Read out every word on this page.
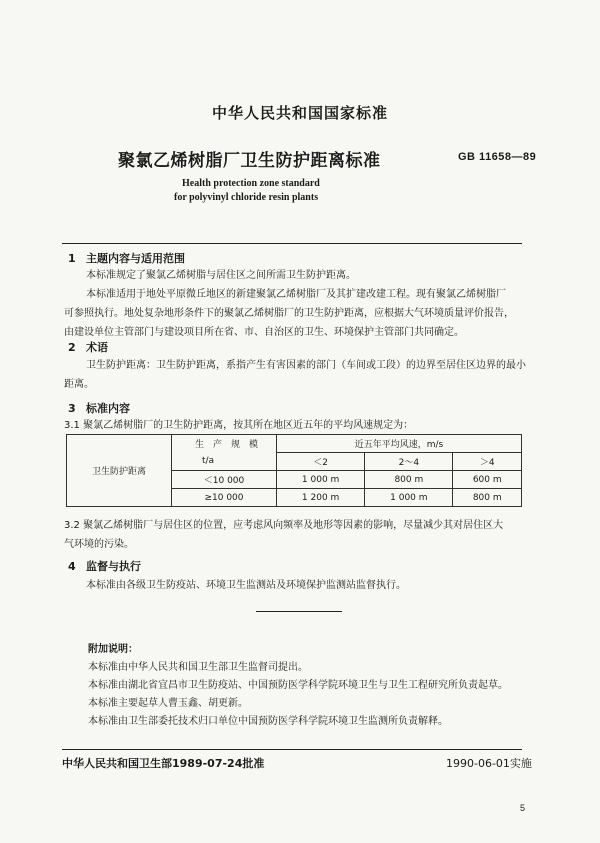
中华人民共和国国家标准
聚氯乙烯树脂厂卫生防护距离标准	GB 11658—89
Health protection zone standard
for polyvinyl chloride resin plants
1 主题内容与适用范围
本标准规定了聚氯乙烯树脂与居住区之间所需卫生防护距离。
本标准适用于地处平原微丘地区的新建聚氯乙烯树脂厂及其扩建改建工程。现有聚氯乙烯树脂厂
可参照执行。地处复杂地形条件下的聚氯乙烯树脂厂的卫生防护距离，应根据大气环境质量评价报告，
由建设单位主管部门与建设项目所在省、市、自治区的卫生、环境保护主管部门共同确定。
2 术语
卫生防护距离：卫生防护距离，系指产生有害因素的部门（车间或工段）的边界至居住区边界的最小
距离。
3 标准内容
3.1 聚氯乙烯树脂厂的卫生防护距离，按其所在地区近五年的平均风速规定为：
卫生防护距离	生　产　规　模	近五年平均风速，m/s		
	t/a	＜2	2～4	＞4
	＜10 000	1 000 m	800 m	600 m
	≥10 000	1 200 m	1 000 m	800 m
3.2 聚氯乙烯树脂厂与居住区的位置，应考虑风向频率及地形等因素的影响，尽量减少其对居住区大
气环境的污染。
4 监督与执行
本标准由各级卫生防疫站、环境卫生监测站及环境保护监测站监督执行。
附加说明：
本标准由中华人民共和国卫生部卫生监督司提出。
本标准由湖北省宜昌市卫生防疫站、中国预防医学科学院环境卫生与卫生工程研究所负责起草。
本标准主要起草人曹玉鑫、胡更新。
本标准由卫生部委托技术归口单位中国预防医学科学院环境卫生监测所负责解释。
中华人民共和国卫生部1989-07-24批准	1990-06-01实施
5
